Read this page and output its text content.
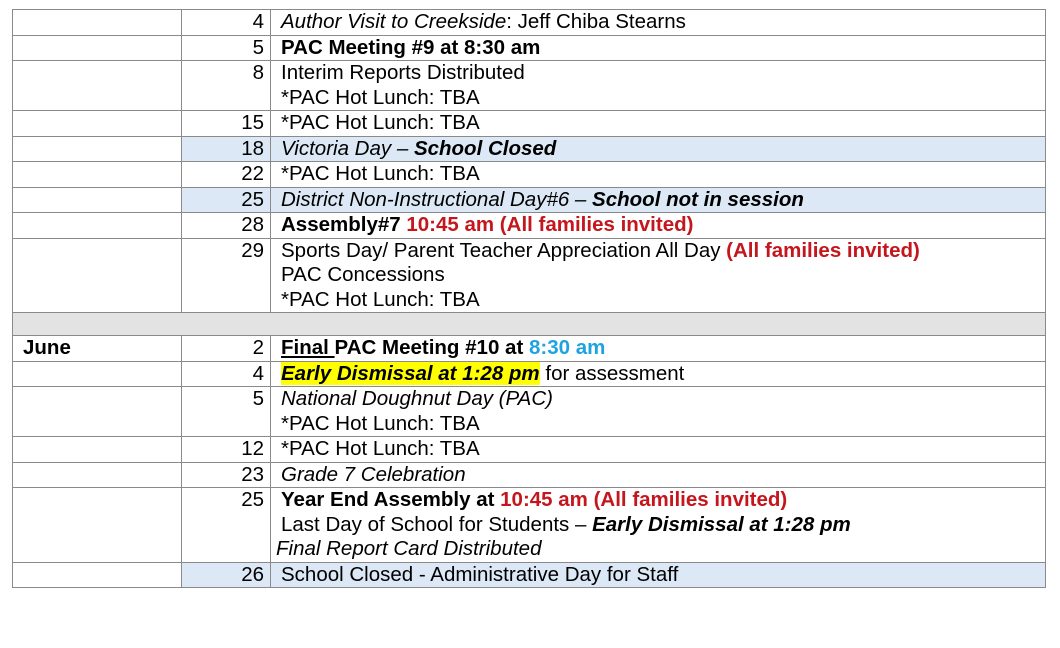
	4	Author Visit to Creekside: Jeff Chiba Stearns
	5	PAC Meeting #9 at 8:30 am
	8	Interim Reports Distributed
*PAC Hot Lunch: TBA

	15	*PAC Hot Lunch: TBA
	18	Victoria Day – School Closed
	22	*PAC Hot Lunch: TBA
	25	District Non-Instructional Day#6 – School not in session
	28	Assembly#7 10:45 am (All families invited)
	29	Sports Day/ Parent Teacher Appreciation All Day (All families invited)
PAC Concessions
*PAC Hot Lunch: TBA

June	2	Final PAC Meeting #10 at 8:30 am
	4	Early Dismissal at 1:28 pm for assessment
	5	National Doughnut Day (PAC)
*PAC Hot Lunch: TBA

	12	*PAC Hot Lunch: TBA
	23	Grade 7 Celebration
	25	Year End Assembly at 10:45 am (All families invited)
Last Day of School for Students – Early Dismissal at 1:28 pm
Final Report Card Distributed

	26	School Closed - Administrative Day for Staff
